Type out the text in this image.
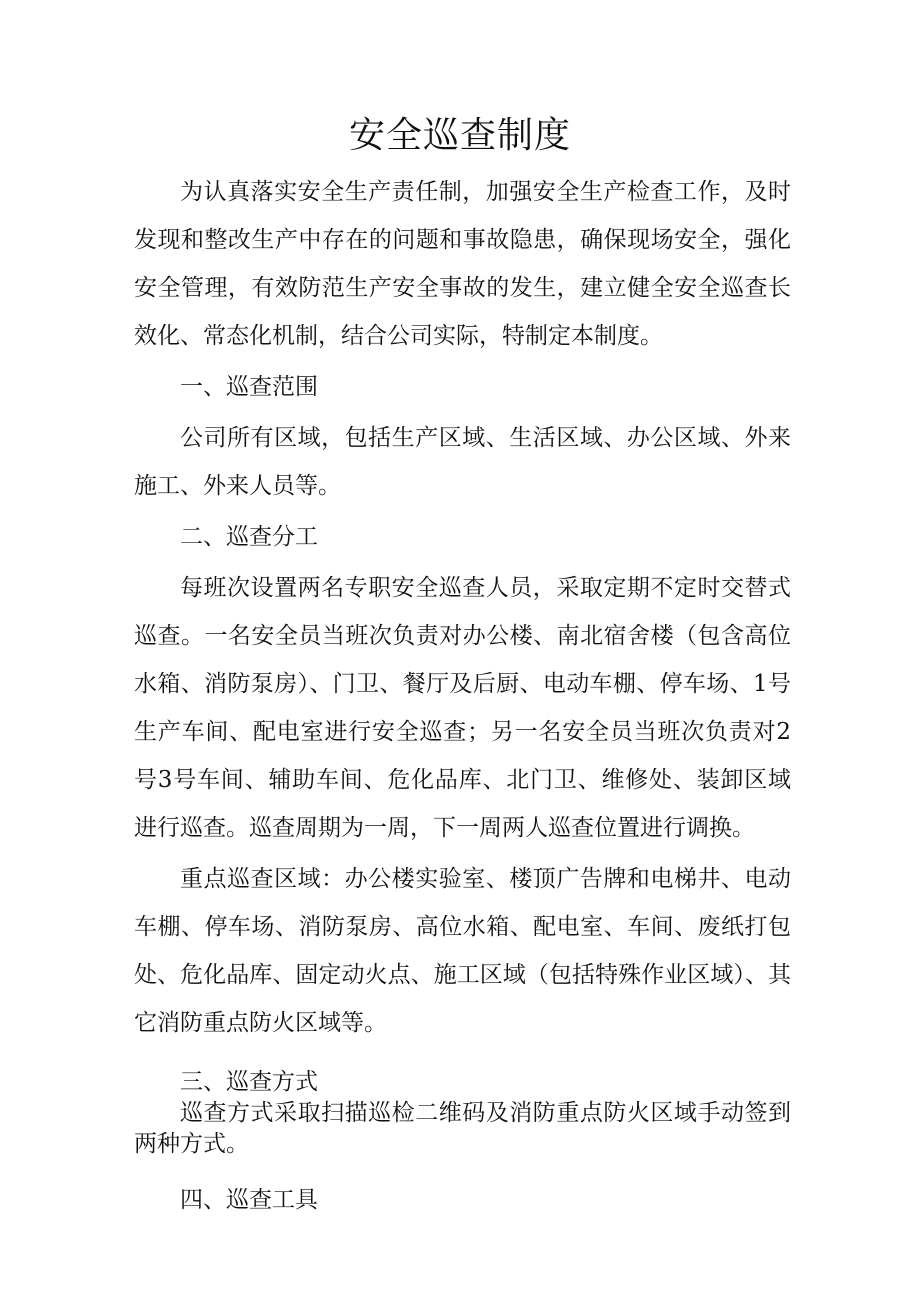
安全巡查制度

为认真落实安全生产责任制，加强安全生产检查工作，及时发现和整改生产中存在的问题和事故隐患，确保现场安全，强化安全管理，有效防范生产安全事故的发生，建立健全安全巡查长效化、常态化机制，结合公司实际，特制定本制度。

一、巡查范围

公司所有区域，包括生产区域、生活区域、办公区域、外来施工、外来人员等。

二、巡查分工

每班次设置两名专职安全巡查人员，采取定期不定时交替式巡查。一名安全员当班次负责对办公楼、南北宿舍楼（包含高位水箱、消防泵房）、门卫、餐厅及后厨、电动车棚、停车场、1号生产车间、配电室进行安全巡查；另一名安全员当班次负责对2号3号车间、辅助车间、危化品库、北门卫、维修处、装卸区域进行巡查。巡查周期为一周，下一周两人巡查位置进行调换。

重点巡查区域：办公楼实验室、楼顶广告牌和电梯井、电动车棚、停车场、消防泵房、高位水箱、配电室、车间、废纸打包处、危化品库、固定动火点、施工区域（包括特殊作业区域）、其它消防重点防火区域等。

三、巡查方式

巡查方式采取扫描巡检二维码及消防重点防火区域手动签到两种方式。

四、巡查工具
